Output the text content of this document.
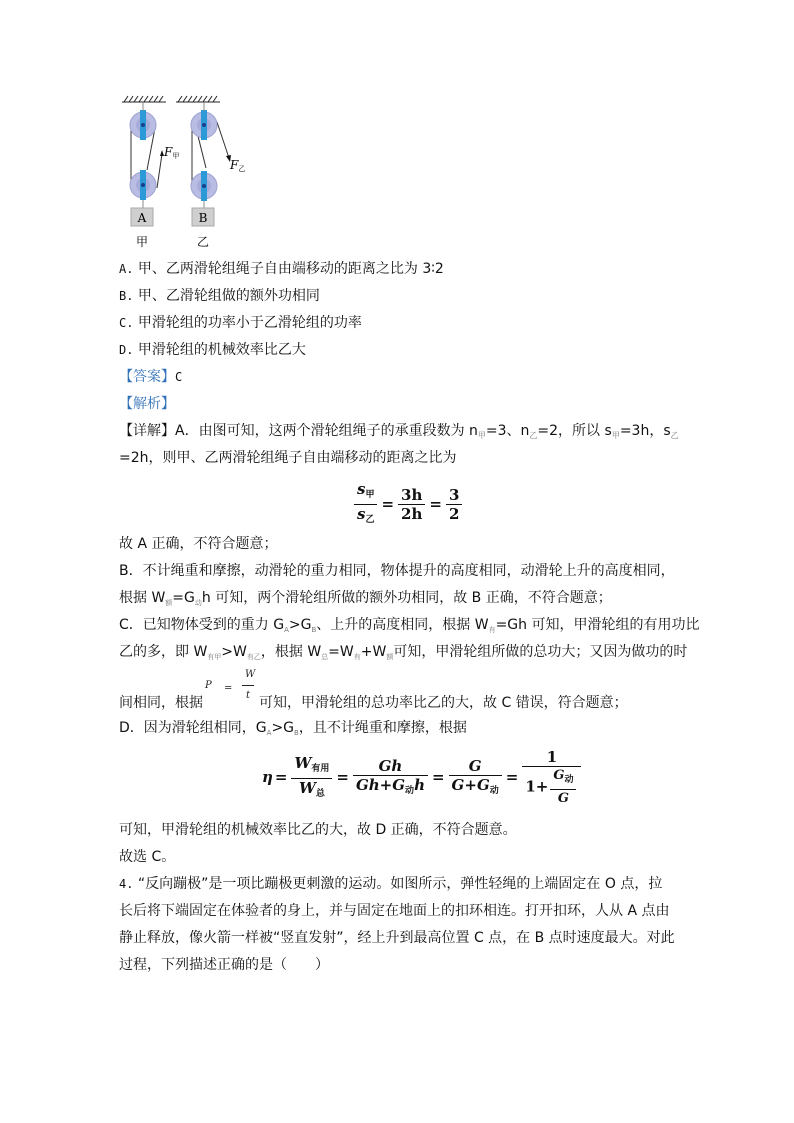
A	B
F甲
F乙
甲	乙
A. 甲、乙两滑轮组绳子自由端移动的距离之比为 3∶2
B. 甲、乙滑轮组做的额外功相同
C. 甲滑轮组的功率小于乙滑轮组的功率
D. 甲滑轮组的机械效率比乙大
【答案】C
【解析】
【详解】A．由图可知，这两个滑轮组绳子的承重段数为 $n_甲=3$、$n_乙=2$，所以 $s_甲=3h$，$s_乙$
=2h，则甲、乙两滑轮组绳子自由端移动的距离之比为
$\frac{s_甲}{s_乙} = \frac{3h}{2h} = \frac{3}{2}$
故 A 正确，不符合题意；
B．不计绳重和摩擦，动滑轮的重力相同，物体提升的高度相同，动滑轮上升的高度相同，
根据 $W_额=G_动h$ 可知，两个滑轮组所做的额外功相同，故 B 正确，不符合题意；
C．已知物体受到的重力 $G_A>G_B$、上升的高度相同，根据 $W_有=Gh$ 可知，甲滑轮组的有用功比
乙的多，即 $W_{有甲}>W_{有乙}$，根据 $W_总=W_有+W_额$可知，甲滑轮组所做的总功大；又因为做功的时
间相同，根据	可知，甲滑轮组的总功率比乙的大，故 C 错误，符合题意；
P =
W
t
D．因为滑轮组相同，$G_A>G_B$，且不计绳重和摩擦，根据
$\eta = \frac{W_{有用}}{W_总} = \frac{Gh}{Gh+G_动h} = \frac{G}{G+G_动} = \frac{1}{1+ \frac{G_动}{G}}$
可知，甲滑轮组的机械效率比乙的大，故 D 正确，不符合题意。
故选 C。
4. “反向蹦极”是一项比蹦极更刺激的运动。如图所示，弹性轻绳的上端固定在 O 点，拉
长后将下端固定在体验者的身上，并与固定在地面上的扣环相连。打开扣环，人从 A 点由
静止释放，像火箭一样被“竖直发射”，经上升到最高位置 C 点，在 B 点时速度最大。对此
过程，下列描述正确的是（　　）
